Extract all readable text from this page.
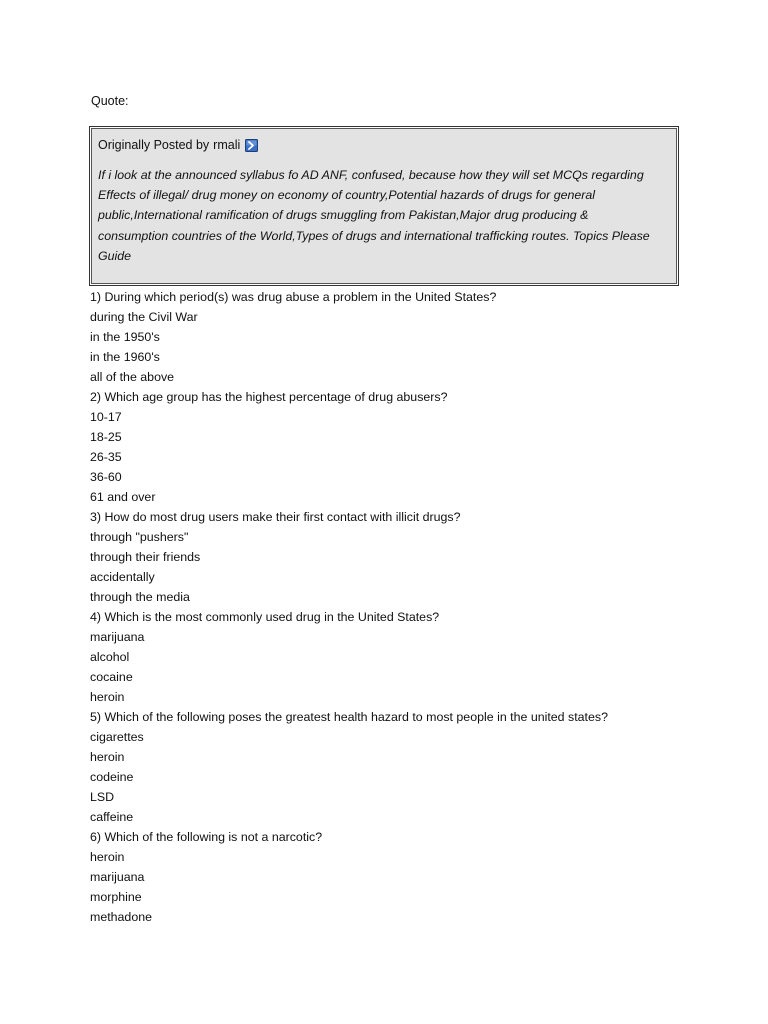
Quote:
Originally Posted by rmali
If i look at the announced syllabus fo AD ANF, confused, because how they will set MCQs regarding Effects of illegal/ drug money on economy of country,Potential hazards of drugs for general public,International ramification of drugs smuggling from Pakistan,Major drug producing & consumption countries of the World,Types of drugs and international trafficking routes. Topics Please Guide
1) During which period(s) was drug abuse a problem in the United States?
during the Civil War
in the 1950's
in the 1960's
all of the above
2) Which age group has the highest percentage of drug abusers?
10-17
18-25
26-35
36-60
61 and over
3) How do most drug users make their first contact with illicit drugs?
through "pushers"
through their friends
accidentally
through the media
4) Which is the most commonly used drug in the United States?
marijuana
alcohol
cocaine
heroin
5) Which of the following poses the greatest health hazard to most people in the united states?
cigarettes
heroin
codeine
LSD
caffeine
6) Which of the following is not a narcotic?
heroin
marijuana
morphine
methadone
